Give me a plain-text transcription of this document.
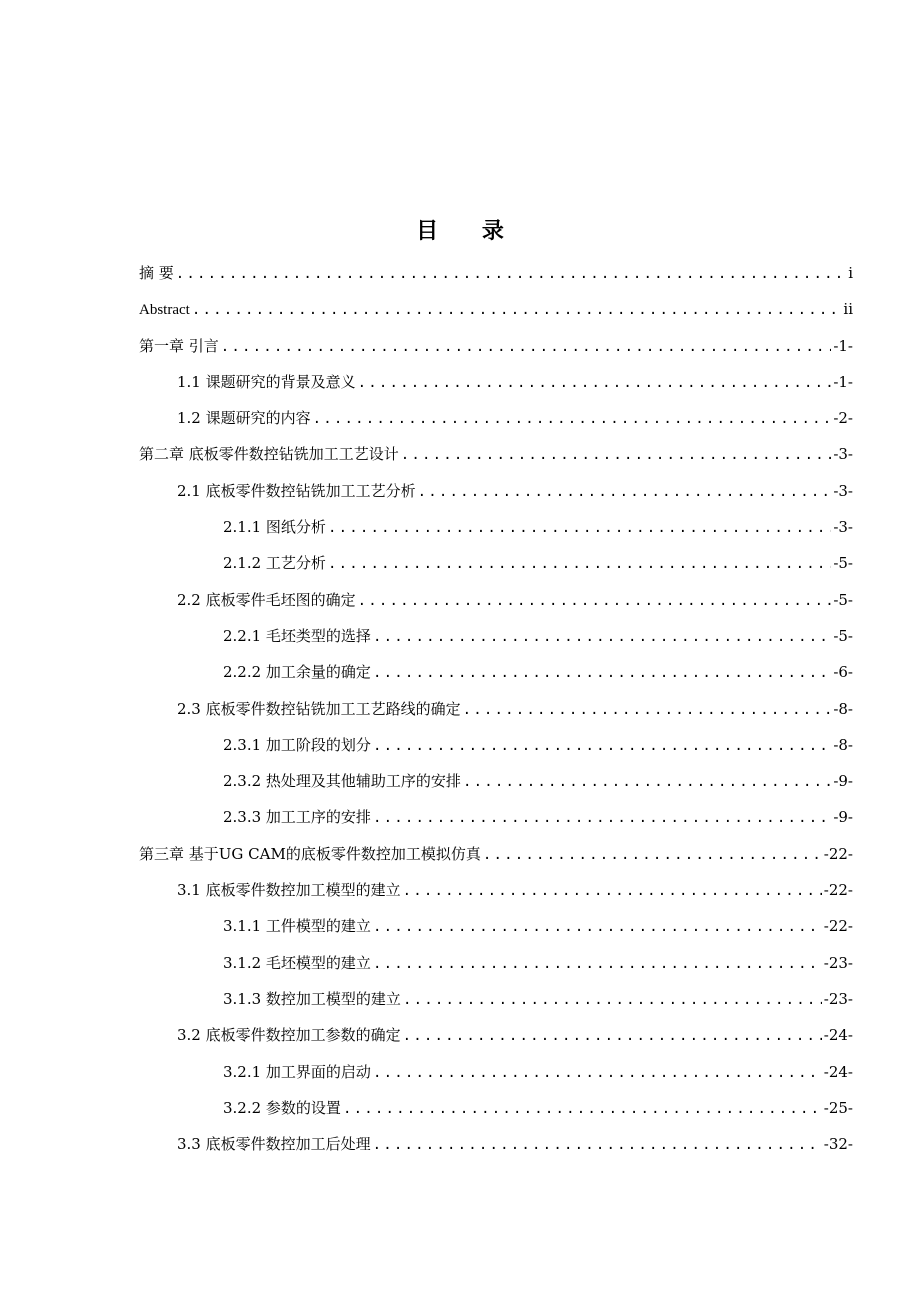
目 录
摘 要 .....	i
Abstract .....	ii
第一章 引言 .....	-1-
1.1 课题研究的背景及意义 .....	-1-
1.2 课题研究的内容 .....	-2-
第二章 底板零件数控钻铣加工工艺设计 .....	-3-
2.1 底板零件数控钻铣加工工艺分析 .....	-3-
2.1.1 图纸分析 .....	-3-
2.1.2 工艺分析 .....	-5-
2.2 底板零件毛坯图的确定 .....	-5-
2.2.1 毛坯类型的选择 .....	-5-
2.2.2 加工余量的确定 .....	-6-
2.3 底板零件数控钻铣加工工艺路线的确定 .....	-8-
2.3.1 加工阶段的划分 .....	-8-
2.3.2 热处理及其他辅助工序的安排 .....	-9-
2.3.3 加工工序的安排 .....	-9-
第三章 基于UG CAM的底板零件数控加工模拟仿真 .....	-22-
3.1 底板零件数控加工模型的建立 .....	-22-
3.1.1 工件模型的建立 .....	-22-
3.1.2 毛坯模型的建立 .....	-23-
3.1.3 数控加工模型的建立 .....	-23-
3.2 底板零件数控加工参数的确定 .....	-24-
3.2.1 加工界面的启动 .....	-24-
3.2.2 参数的设置 .....	-25-
3.3 底板零件数控加工后处理 .....	-32-
